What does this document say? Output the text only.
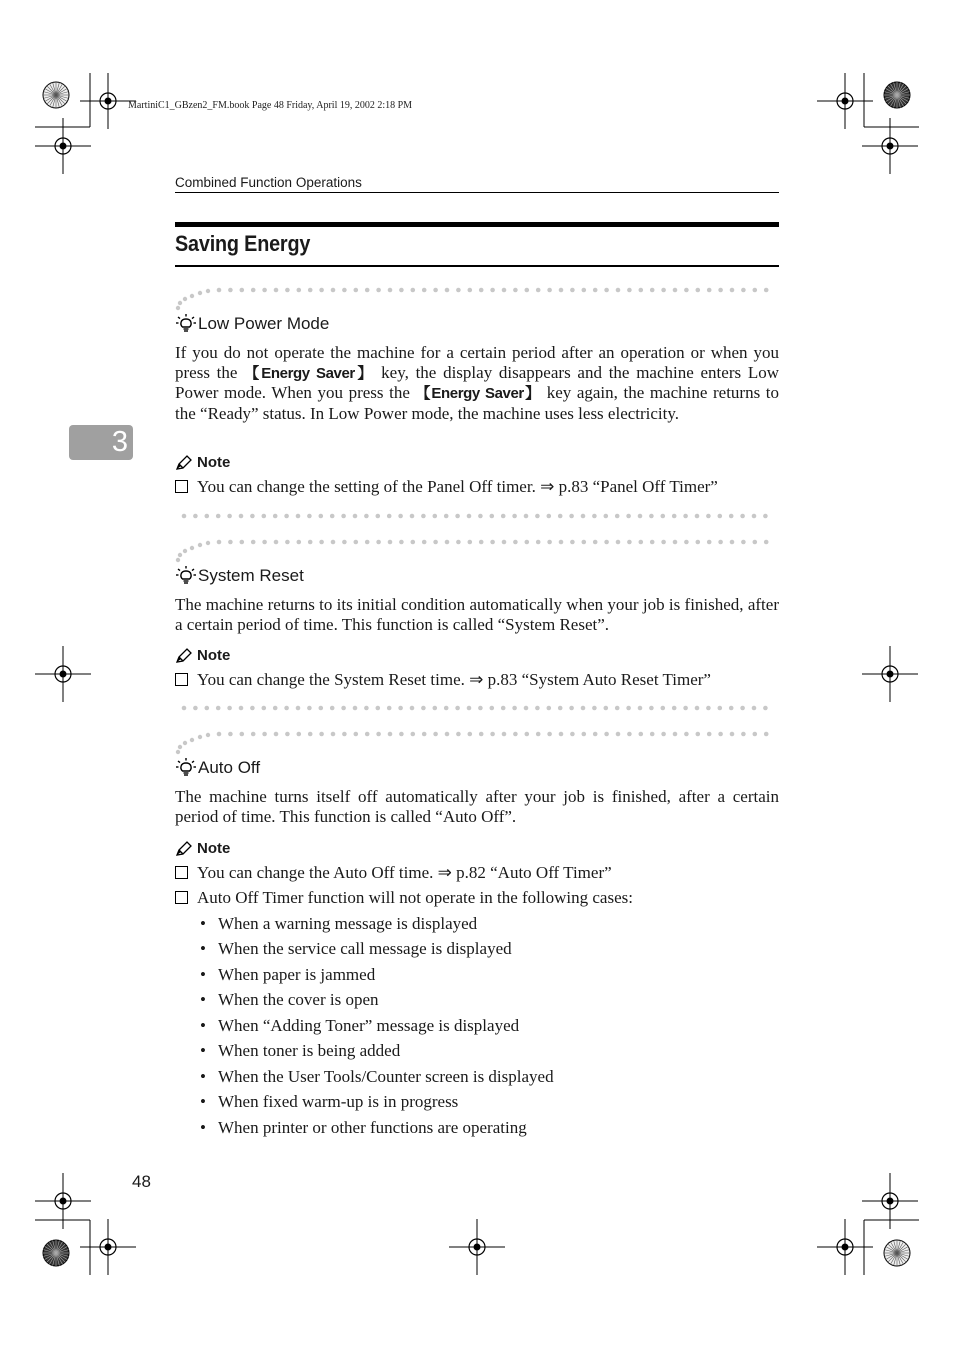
MartiniC1_GBzen2_FM.book Page 48 Friday, April 19, 2002 2:18 PM
Combined Function Operations
Saving Energy
3
Low Power Mode
If you do not operate the machine for a certain period after an operation or when you press the 【Energy Saver】 key, the display disappears and the machine enters Low Power mode. When you press the 【Energy Saver】 key again, the machine returns to the “Ready” status. In Low Power mode, the machine uses less electricity.
Note
You can change the setting of the Panel Off timer. ⇒ p.83 “Panel Off Timer”
System Reset
The machine returns to its initial condition automatically when your job is finished, after a certain period of time. This function is called “System Reset”.
Note
You can change the System Reset time. ⇒ p.83 “System Auto Reset Timer”
Auto Off
The machine turns itself off automatically after your job is finished, after a certain period of time. This function is called “Auto Off”.
Note
You can change the Auto Off time. ⇒ p.82 “Auto Off Timer”
Auto Off Timer function will not operate in the following cases:
• When a warning message is displayed
• When the service call message is displayed
• When paper is jammed
• When the cover is open
• When “Adding Toner” message is displayed
• When toner is being added
• When the User Tools/Counter screen is displayed
• When fixed warm-up is in progress
• When printer or other functions are operating
48
